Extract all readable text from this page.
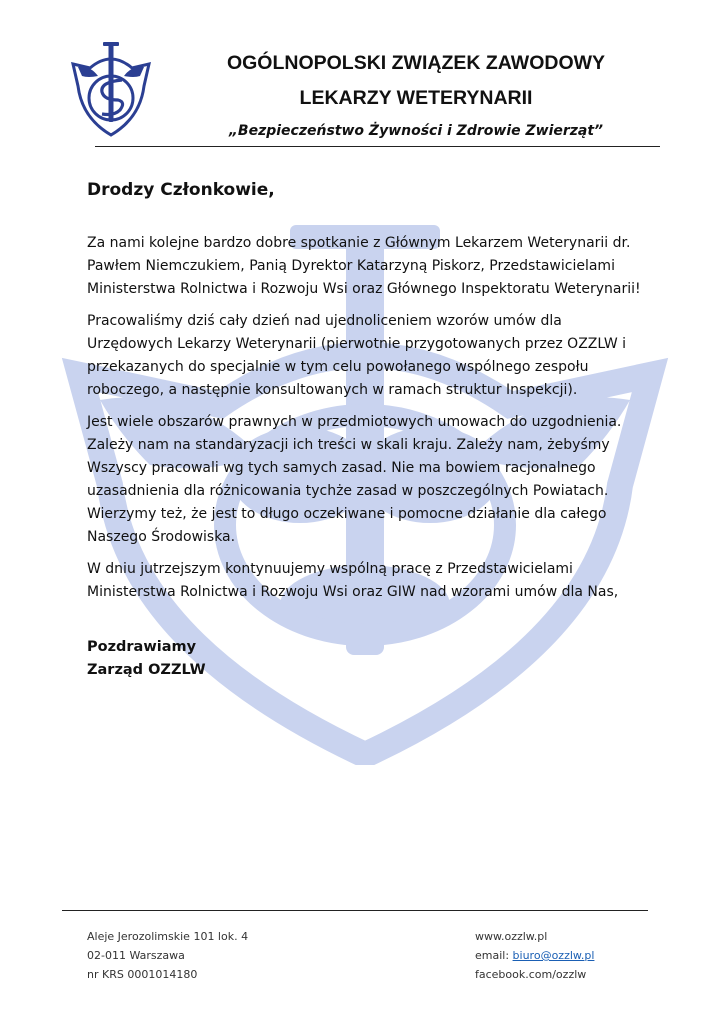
OGÓLNOPOLSKI ZWIĄZEK ZAWODOWY
LEKARZY WETERYNARII

„Bezpieczeństwo Żywności i Zdrowie Zwierząt”

Drodzy Członkowie,

Za nami kolejne bardzo dobre spotkanie z Głównym Lekarzem Weterynarii dr. Pawłem Niemczukiem, Panią Dyrektor Katarzyną Piskorz, Przedstawicielami Ministerstwa Rolnictwa i Rozwoju Wsi oraz Głównego Inspektoratu Weterynarii!

Pracowaliśmy dziś cały dzień nad ujednoliceniem wzorów umów dla Urzędowych Lekarzy Weterynarii (pierwotnie przygotowanych przez OZZLW i przekazanych do specjalnie w tym celu powołanego wspólnego zespołu roboczego, a następnie konsultowanych w ramach struktur Inspekcji).

Jest wiele obszarów prawnych w przedmiotowych umowach do uzgodnienia. Zależy nam na standaryzacji ich treści w skali kraju. Zależy nam, żebyśmy Wszyscy pracowali wg tych samych zasad. Nie ma bowiem racjonalnego uzasadnienia dla różnicowania tychże zasad w poszczególnych Powiatach. Wierzymy też, że jest to długo oczekiwane i pomocne działanie dla całego Naszego Środowiska.

W dniu jutrzejszym kontynuujemy wspólną pracę z Przedstawicielami Ministerstwa Rolnictwa i Rozwoju Wsi oraz GIW nad wzorami umów dla Nas,

Pozdrawiamy
Zarząd OZZLW
Aleje Jerozolimskie 101 lok. 4
02-011 Warszawa
nr KRS 0001014180
www.ozzlw.pl
email: biuro@ozzlw.pl
facebook.com/ozzlw
